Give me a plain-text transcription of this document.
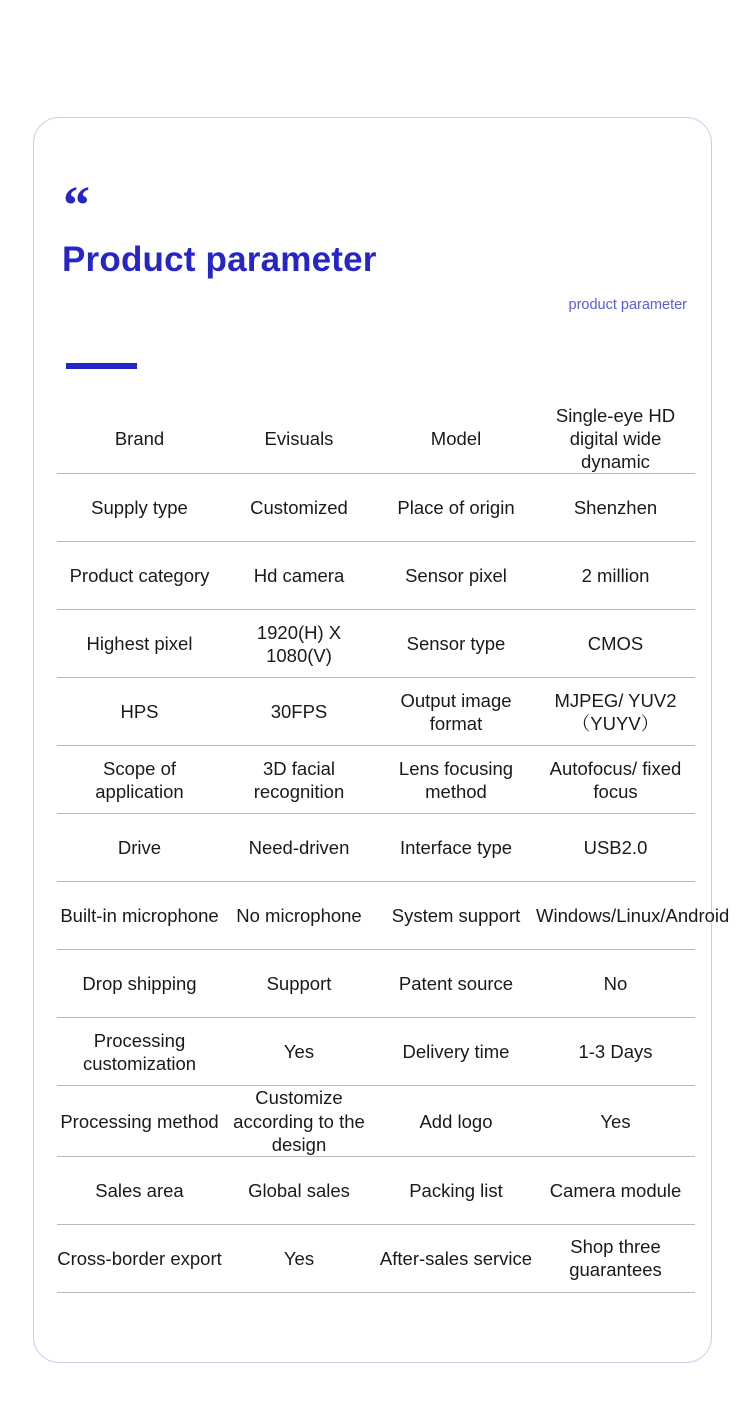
“
Product parameter
product parameter
Brand	Evisuals	Model	Single-eye HD digital wide dynamic
Supply type	Customized	Place of origin	Shenzhen
Product category	Hd camera	Sensor pixel	2 million
Highest pixel	1920(H) X 1080(V)	Sensor type	CMOS
HPS	30FPS	Output image format	MJPEG/ YUV2（YUYV）
Scope of application	3D facial recognition	Lens focusing method	Autofocus/ fixed focus
Drive	Need-driven	Interface type	USB2.0
Built-in microphone	No microphone	System support	Windows/Linux/Android
Drop shipping	Support	Patent source	No
Processing customization	Yes	Delivery time	1-3 Days
Processing method	Customize according to the design	Add logo	Yes
Sales area	Global sales	Packing list	Camera module
Cross-border export	Yes	After-sales service	Shop three guarantees
